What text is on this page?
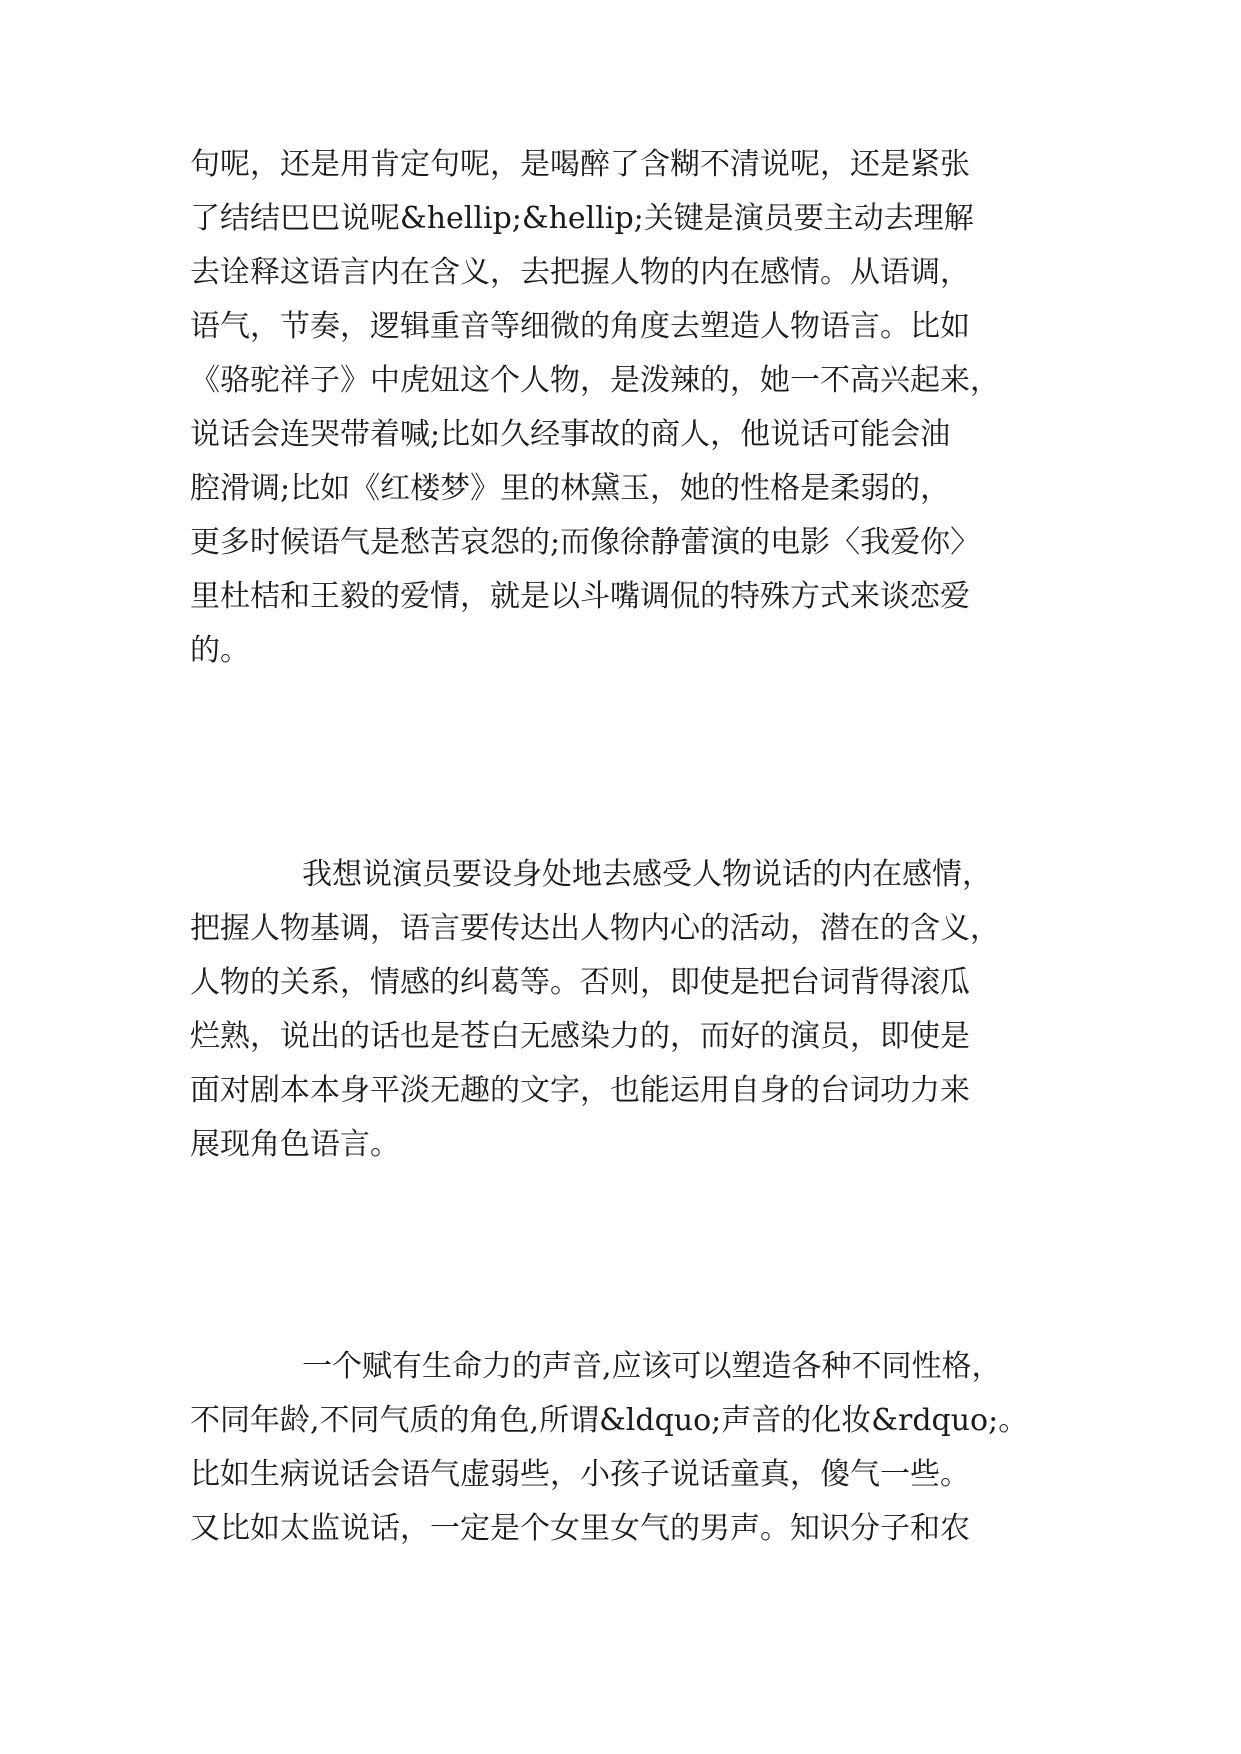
句呢，还是用肯定句呢，是喝醉了含糊不清说呢，还是紧张
了结结巴巴说呢&hellip;&hellip;关键是演员要主动去理解
去诠释这语言内在含义，去把握人物的内在感情。从语调，
语气，节奏，逻辑重音等细微的角度去塑造人物语言。比如
《骆驼祥子》中虎妞这个人物，是泼辣的，她一不高兴起来，
说话会连哭带着喊;比如久经事故的商人，他说话可能会油
腔滑调;比如《红楼梦》里的林黛玉，她的性格是柔弱的，
更多时候语气是愁苦哀怨的;而像徐静蕾演的电影〈我爱你〉
里杜桔和王毅的爱情，就是以斗嘴调侃的特殊方式来谈恋爱
的。
我想说演员要设身处地去感受人物说话的内在感情，
把握人物基调，语言要传达出人物内心的活动，潜在的含义，
人物的关系，情感的纠葛等。否则，即使是把台词背得滚瓜
烂熟，说出的话也是苍白无感染力的，而好的演员，即使是
面对剧本本身平淡无趣的文字，也能运用自身的台词功力来
展现角色语言。
一个赋有生命力的声音,应该可以塑造各种不同性格，
不同年龄,不同气质的角色,所谓&ldquo;声音的化妆&rdquo;。
比如生病说话会语气虚弱些，小孩子说话童真，傻气一些。
又比如太监说话，一定是个女里女气的男声。知识分子和农
